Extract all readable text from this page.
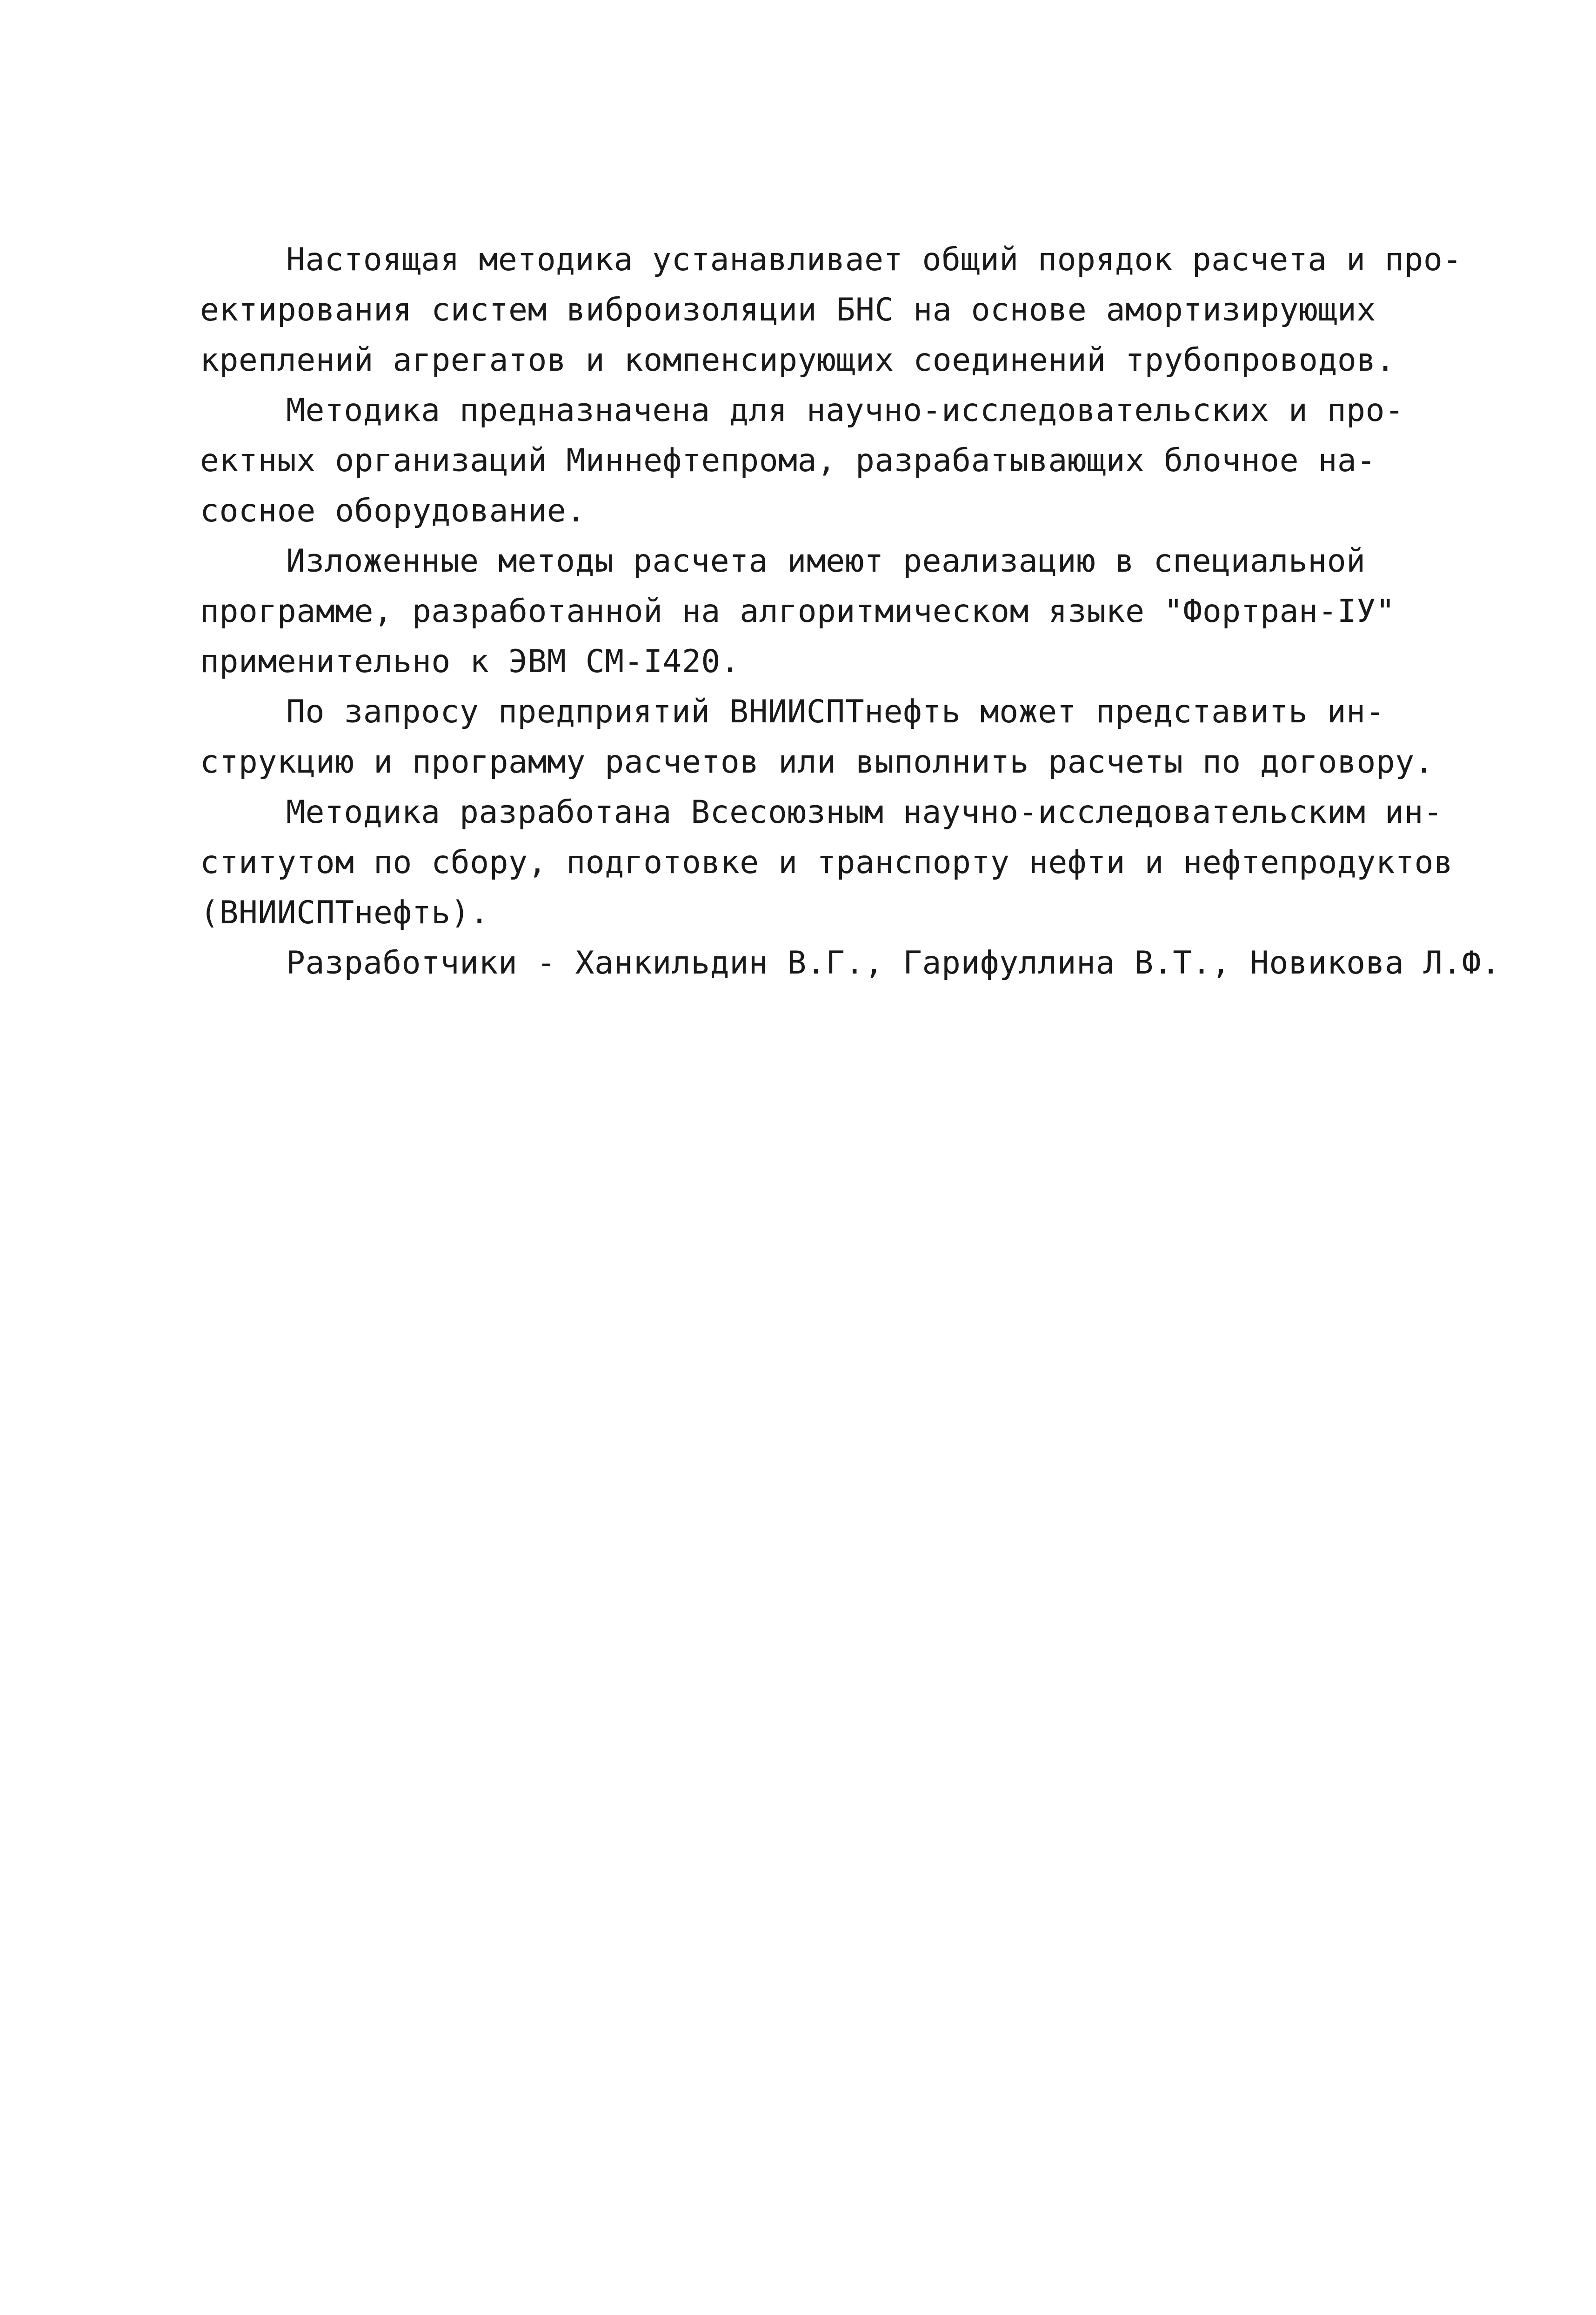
Настоящая методика устанавливает общий порядок расчета и про-
ектирования систем виброизоляции БНС на основе амортизирующих
креплений агрегатов и компенсирующих соединений трубопроводов.
Методика предназначена для научно-исследовательских и про-
ектных организаций Миннефтепрома, разрабатывающих блочное на-
сосное оборудование.
Изложенные методы расчета имеют реализацию в специальной
программе, разработанной на алгоритмическом языке "Фортран-IУ"
применительно к ЭВМ СМ-I420.
По запросу предприятий ВНИИСПТнефть может представить ин-
струкцию и программу расчетов или выполнить расчеты по договору.
Методика разработана Всесоюзным научно-исследовательским ин-
ститутом по сбору, подготовке и транспорту нефти и нефтепродуктов
(ВНИИСПТнефть).
Разработчики - Ханкильдин В.Г., Гарифуллина В.Т., Новикова Л.Ф.
